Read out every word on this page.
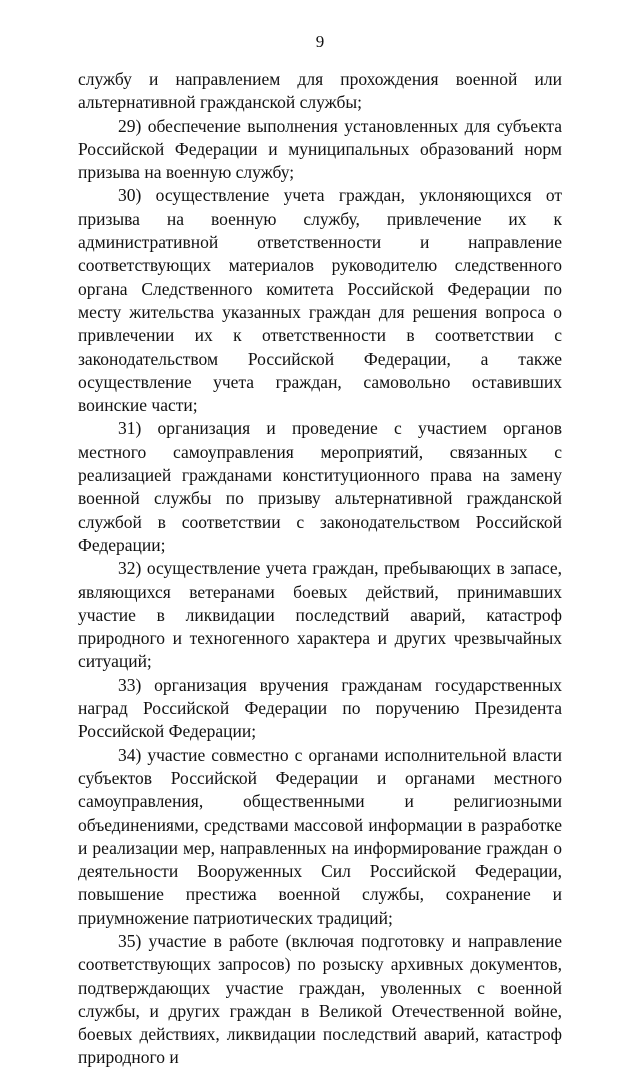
9

службу и направлением для прохождения военной или альтернативной гражданской службы;

29) обеспечение выполнения установленных для субъекта Российской Федерации и муниципальных образований норм призыва на военную службу;

30) осуществление учета граждан, уклоняющихся от призыва на военную службу, привлечение их к административной ответственности и направление соответствующих материалов руководителю следственного органа Следственного комитета Российской Федерации по месту жительства указанных граждан для решения вопроса о привлечении их к ответственности в соответствии с законодательством Российской Федерации, а также осуществление учета граждан, самовольно оставивших воинские части;

31) организация и проведение с участием органов местного самоуправления мероприятий, связанных с реализацией гражданами конституционного права на замену военной службы по призыву альтернативной гражданской службой в соответствии с законодательством Российской Федерации;

32) осуществление учета граждан, пребывающих в запасе, являющихся ветеранами боевых действий, принимавших участие в ликвидации последствий аварий, катастроф природного и техногенного характера и других чрезвычайных ситуаций;

33) организация вручения гражданам государственных наград Российской Федерации по поручению Президента Российской Федерации;

34) участие совместно с органами исполнительной власти субъектов Российской Федерации и органами местного самоуправления, общественными и религиозными объединениями, средствами массовой информации в разработке и реализации мер, направленных на информирование граждан о деятельности Вооруженных Сил Российской Федерации, повышение престижа военной службы, сохранение и приумножение патриотических традиций;

35) участие в работе (включая подготовку и направление соответствующих запросов) по розыску архивных документов, подтверждающих участие граждан, уволенных с военной службы, и других граждан в Великой Отечественной войне, боевых действиях, ликвидации последствий аварий, катастроф природного и
